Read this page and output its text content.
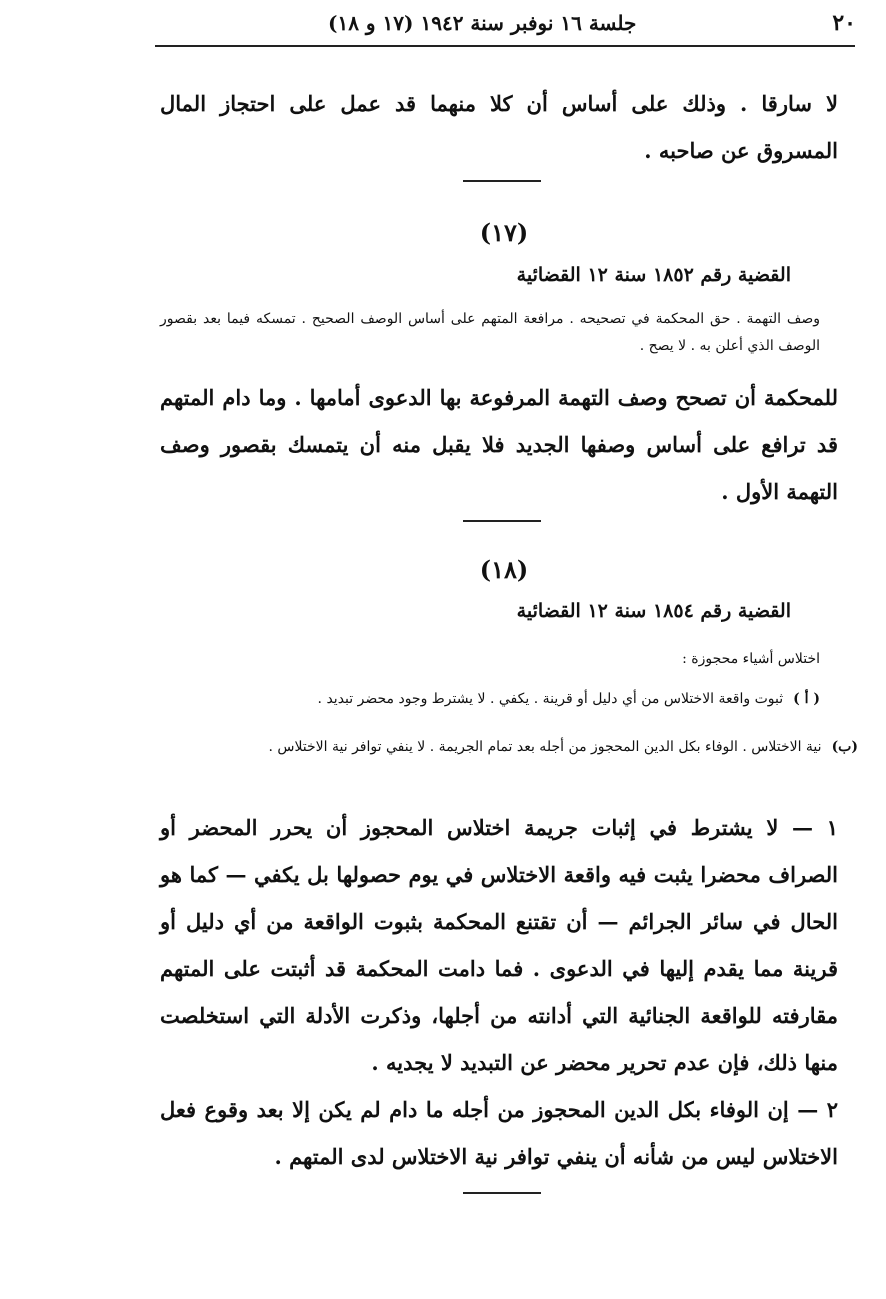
٢٠
جلسة ١٦ نوفبر سنة ١٩٤٢ (١٧ و ١٨)
لا سارقا . وذلك على أساس أن كلا منهما قد عمل على احتجاز المال المسروق عن صاحبه .
(١٧)
القضية رقم ١٨٥٢ سنة ١٢ القضائية
وصف التهمة . حق المحكمة في تصحيحه . مرافعة المتهم على أساس الوصف الصحيح . تمسكه فيما بعد بقصور الوصف الذي أعلن به . لا يصح .
للمحكمة أن تصحح وصف التهمة المرفوعة بها الدعوى أمامها . وما دام المتهم قد ترافع على أساس وصفها الجديد فلا يقبل منه أن يتمسك بقصور وصف التهمة الأول .
(١٨)
القضية رقم ١٨٥٤ سنة ١٢ القضائية
اختلاس أشياء محجوزة :
( أ )ثبوت واقعة الاختلاس من أي دليل أو قرينة . يكفي . لا يشترط وجود محضر تبديد .
(ب)نية الاختلاس . الوفاء بكل الدين المحجوز من أجله بعد تمام الجريمة . لا ينفي توافر نية الاختلاس .
١ — لا يشترط في إثبات جريمة اختلاس المحجوز أن يحرر المحضر أو الصراف محضرا يثبت فيه واقعة الاختلاس في يوم حصولها بل يكفي — كما هو الحال في سائر الجرائم — أن تقتنع المحكمة بثبوت الواقعة من أي دليل أو قرينة مما يقدم إليها في الدعوى . فما دامت المحكمة قد أثبتت على المتهم مقارفته للواقعة الجنائية التي أدانته من أجلها، وذكرت الأدلة التي استخلصت منها ذلك، فإن عدم تحرير محضر عن التبديد لا يجديه .
٢ — إن الوفاء بكل الدين المحجوز من أجله ما دام لم يكن إلا بعد وقوع فعل الاختلاس ليس من شأنه أن ينفي توافر نية الاختلاس لدى المتهم .
